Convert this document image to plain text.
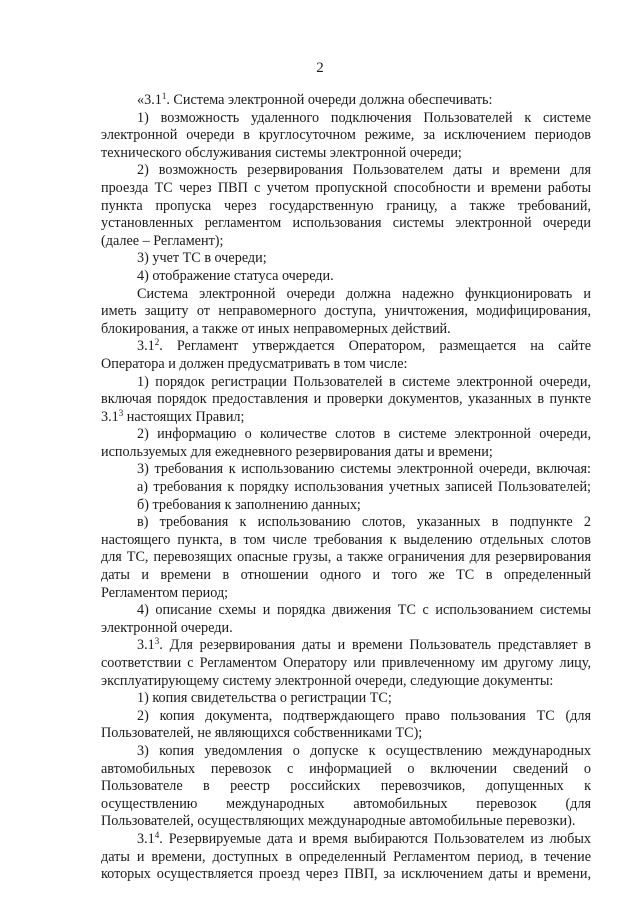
2
«$3.1^1$. Система электронной очереди должна обеспечивать:
1) возможность удаленного подключения Пользователей к системе
электронной очереди в круглосуточном режиме, за исключением периодов
технического обслуживания системы электронной очереди;
2) возможность резервирования Пользователем даты и времени для
проезда ТС через ПВП с учетом пропускной способности и времени работы
пункта пропуска через государственную границу, а также требований,
установленных регламентом использования системы электронной очереди
(далее – Регламент);
3) учет ТС в очереди;
4) отображение статуса очереди.
Система электронной очереди должна надежно функционировать и
иметь защиту от неправомерного доступа, уничтожения, модифицирования,
блокирования, а также от иных неправомерных действий.
$3.1^2$. Регламент утверждается Оператором, размещается на сайте
Оператора и должен предусматривать в том числе:
1) порядок регистрации Пользователей в системе электронной очереди,
включая порядок предоставления и проверки документов, указанных в пункте
$3.1^3$ настоящих Правил;
2) информацию о количестве слотов в системе электронной очереди,
используемых для ежедневного резервирования даты и времени;
3) требования к использованию системы электронной очереди, включая:
а) требования к порядку использования учетных записей Пользователей;
б) требования к заполнению данных;
в) требования к использованию слотов, указанных в подпункте 2
настоящего пункта, в том числе требования к выделению отдельных слотов
для ТС, перевозящих опасные грузы, а также ограничения для резервирования
даты и времени в отношении одного и того же ТС в определенный
Регламентом период;
4) описание схемы и порядка движения ТС с использованием системы
электронной очереди.
$3.1^3$. Для резервирования даты и времени Пользователь представляет в
соответствии с Регламентом Оператору или привлеченному им другому лицу,
эксплуатирующему систему электронной очереди, следующие документы:
1) копия свидетельства о регистрации ТС;
2) копия документа, подтверждающего право пользования ТС (для
Пользователей, не являющихся собственниками ТС);
3) копия уведомления о допуске к осуществлению международных
автомобильных перевозок с информацией о включении сведений о
Пользователе в реестр российских перевозчиков, допущенных к
осуществлению международных автомобильных перевозок (для
Пользователей, осуществляющих международные автомобильные перевозки).
$3.1^4$. Резервируемые дата и время выбираются Пользователем из любых
даты и времени, доступных в определенный Регламентом период, в течение
которых осуществляется проезд через ПВП, за исключением даты и времени,
